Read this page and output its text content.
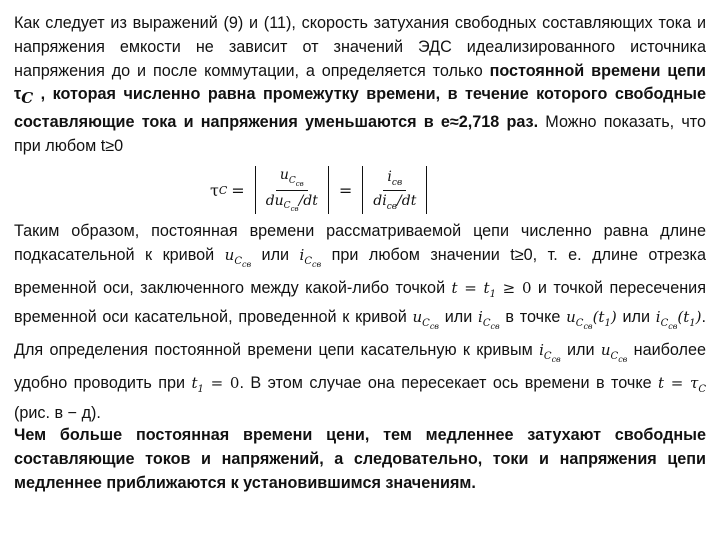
Как следует из выражений (9) и (11), скорость затухания свободных составляющих тока и напряжения емкости не зависит от значений ЭДС идеализированного источника напряжения до и после коммутации, а определяется только постоянной времени цепи $\tau_C$ , которая численно равна промежутку времени, в течение которого свободные составляющие тока и напряжения уменьшаются в e≈2,718 раз. Можно показать, что при любом t≥0
τ $C = \frac{u_{C_{св}}}{du_{C_{св}}/dt} = \frac{i_{св}}{di_{св}/dt}$
Таким образом, постоянная времени рассматриваемой цепи численно равна длине подкасательной к кривой $u_{C_{св}}$ или $i_{C_{св}}$ при любом значении t≥0, т. е. длине отрезка временной оси, заключенного между какой-либо точкой $t = t_1 \ge 0$ и точкой пересечения временной оси касательной, проведенной к кривой $u_{C_{св}}$ или $i_{C_{св}}$ в точке $u_{C_{св}}(t_1)$ или $i_{C_{св}}(t_1)$. Для определения постоянной времени цепи касательную к кривым $i_{C_{св}}$ или $u_{C_{св}}$ наиболее удобно проводить при $t_1 = 0$. В этом случае она пересекает ось времени в точке $t = \tau_C$ (рис. в − д).
Чем больше постоянная времени цени, тем медленнее затухают свободные составляющие токов и напряжений, а следовательно, токи и напряжения цепи медленнее приближаются к установившимся значениям.
